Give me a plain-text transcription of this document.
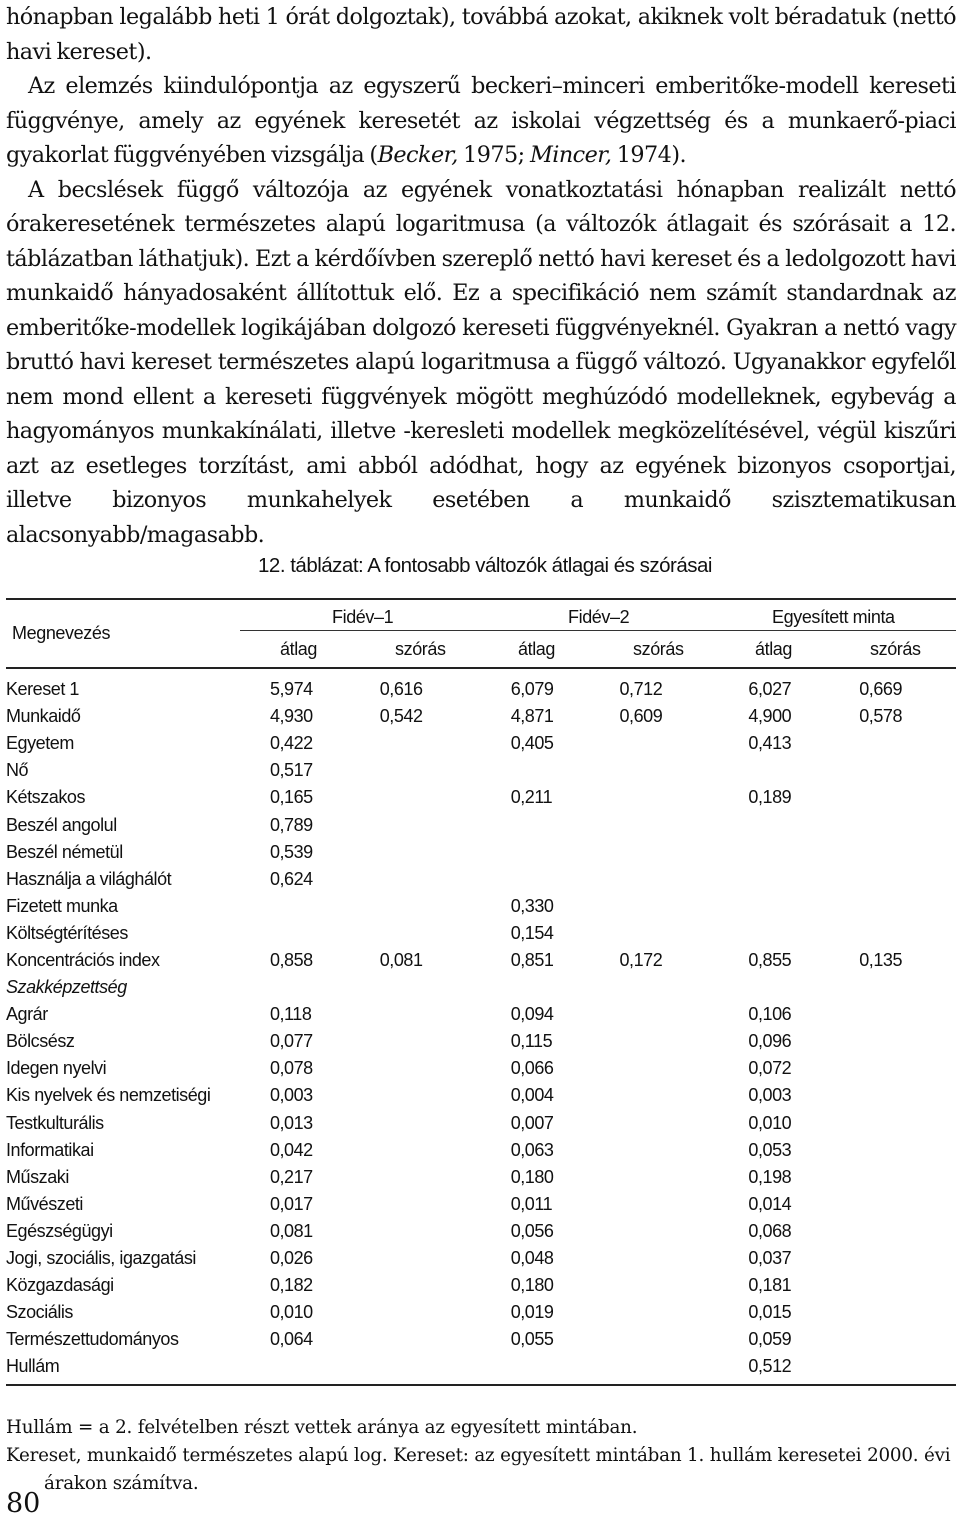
hónapban legalább heti 1 órát dolgoztak), továbbá azokat, akiknek volt béradatuk (nettó havi kereset).

Az elemzés kiindulópontja az egyszerű beckeri–minceri emberitőke-modell kereseti függvénye, amely az egyének keresetét az iskolai végzettség és a munkaerő-piaci gyakorlat függvényében vizsgálja (Becker, 1975; Mincer, 1974).

A becslések függő változója az egyének vonatkoztatási hónapban realizált nettó órakeresetének természetes alapú logaritmusa (a változók átlagait és szórásait a 12. táblázatban láthatjuk). Ezt a kérdőívben szereplő nettó havi kereset és a ledolgozott havi munkaidő hányadosaként állítottuk elő. Ez a specifikáció nem számít standardnak az emberitőke-modellek logikájában dolgozó kereseti függvényeknél. Gyakran a nettó vagy bruttó havi kereset természetes alapú logaritmusa a függő változó. Ugyanakkor egyfelől nem mond ellent a kereseti függvények mögött meghúzódó modelleknek, egybevág a hagyományos munkakínálati, illetve -keresleti modellek megközelítésével, végül kiszűri azt az esetleges torzítást, ami abból adódhat, hogy az egyének bizonyos csoportjai, illetve bizonyos munkahelyek esetében a munkaidő szisztematikusan alacsonyabb/magasabb.

12. táblázat: A fontosabb változók átlagai és szórásai
Megnevezés
Fidév–1	Fidév–2	Egyesített minta
átlag	szórás	átlag	szórás	átlag	szórás
Kereset 1	5,974	0,616	6,079	0,712	6,027	0,669
Munkaidő	4,930	0,542	4,871	0,609	4,900	0,578
Egyetem	0,422		0,405		0,413	
Nő	0,517					
Kétszakos	0,165		0,211		0,189	
Beszél angolul	0,789					
Beszél németül	0,539					
Használja a világhálót	0,624					
Fizetett munka			0,330			
Költségtérítéses			0,154			
Koncentrációs index	0,858	0,081	0,851	0,172	0,855	0,135
Szakképzettség						
Agrár	0,118		0,094		0,106	
Bölcsész	0,077		0,115		0,096	
Idegen nyelvi	0,078		0,066		0,072	
Kis nyelvek és nemzetiségi	0,003		0,004		0,003	
Testkulturális	0,013		0,007		0,010	
Informatikai	0,042		0,063		0,053	
Műszaki	0,217		0,180		0,198	
Művészeti	0,017		0,011		0,014	
Egészségügyi	0,081		0,056		0,068	
Jogi, szociális, igazgatási	0,026		0,048		0,037	
Közgazdasági	0,182		0,180		0,181	
Szociális	0,010		0,019		0,015	
Természettudományos	0,064		0,055		0,059	
Hullám					0,512	

Hullám = a 2. felvételben részt vettek aránya az egyesített mintában.

Kereset, munkaidő természetes alapú log. Kereset: az egyesített mintában 1. hullám keresetei 2000. évi árakon számítva.

80
